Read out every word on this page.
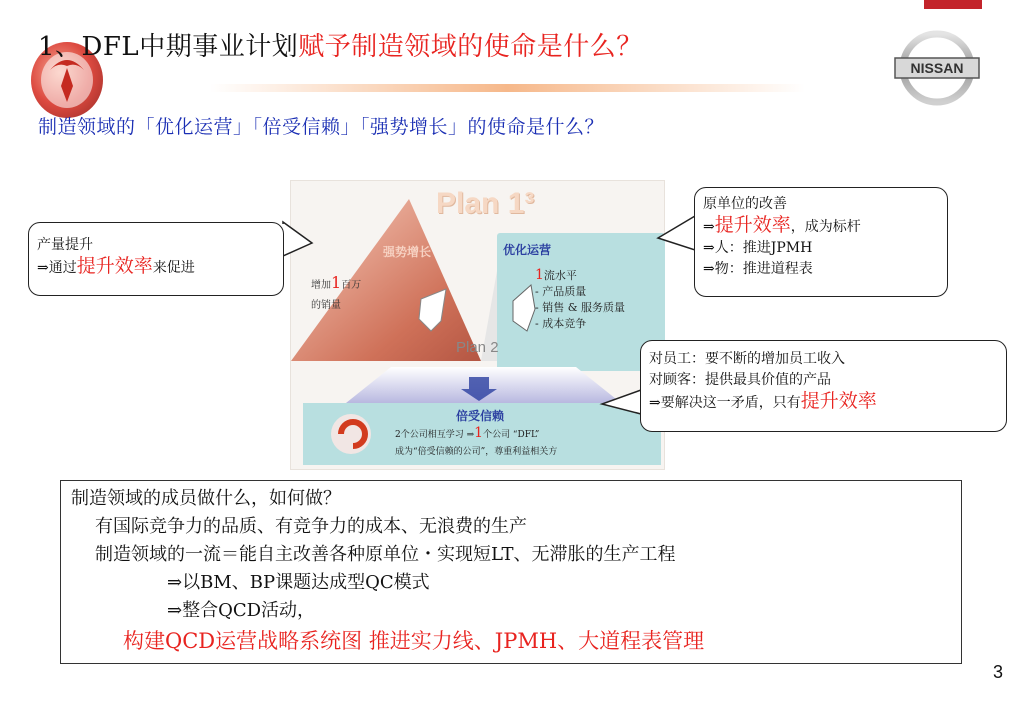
1、DFL中期事业计划赋予制造领域的使命是什么？
NISSAN
制造领域的「优化运营」「倍受信赖」「强势增长」的使命是什么？
Plan 1³
Plan 2
强势增长
增加1百万
的销量
优化运营
1流水平
- 产品质量
- 销售 & 服务质量
- 成本竞争
倍受信赖
2个公司相互学习 ⇒1个公司 “DFL”
成为“倍受信赖的公司”，尊重利益相关方
产量提升
⇒通过提升效率来促进
原单位的改善
⇒提升效率，成为标杆
⇒人：推进JPMH
⇒物：推进道程表
对员工：要不断的增加员工收入
对顾客：提供最具价值的产品
⇒要解决这一矛盾，只有提升效率
制造领域的成员做什么，如何做？
有国际竞争力的品质、有竞争力的成本、无浪费的生产
制造领域的一流＝能自主改善各种原单位・实现短LT、无滞胀的生产工程
⇒以BM、BP课题达成型QC模式
⇒整合QCD活动，
构建QCD运营战略系统图 推进实力线、JPMH、大道程表管理
3
